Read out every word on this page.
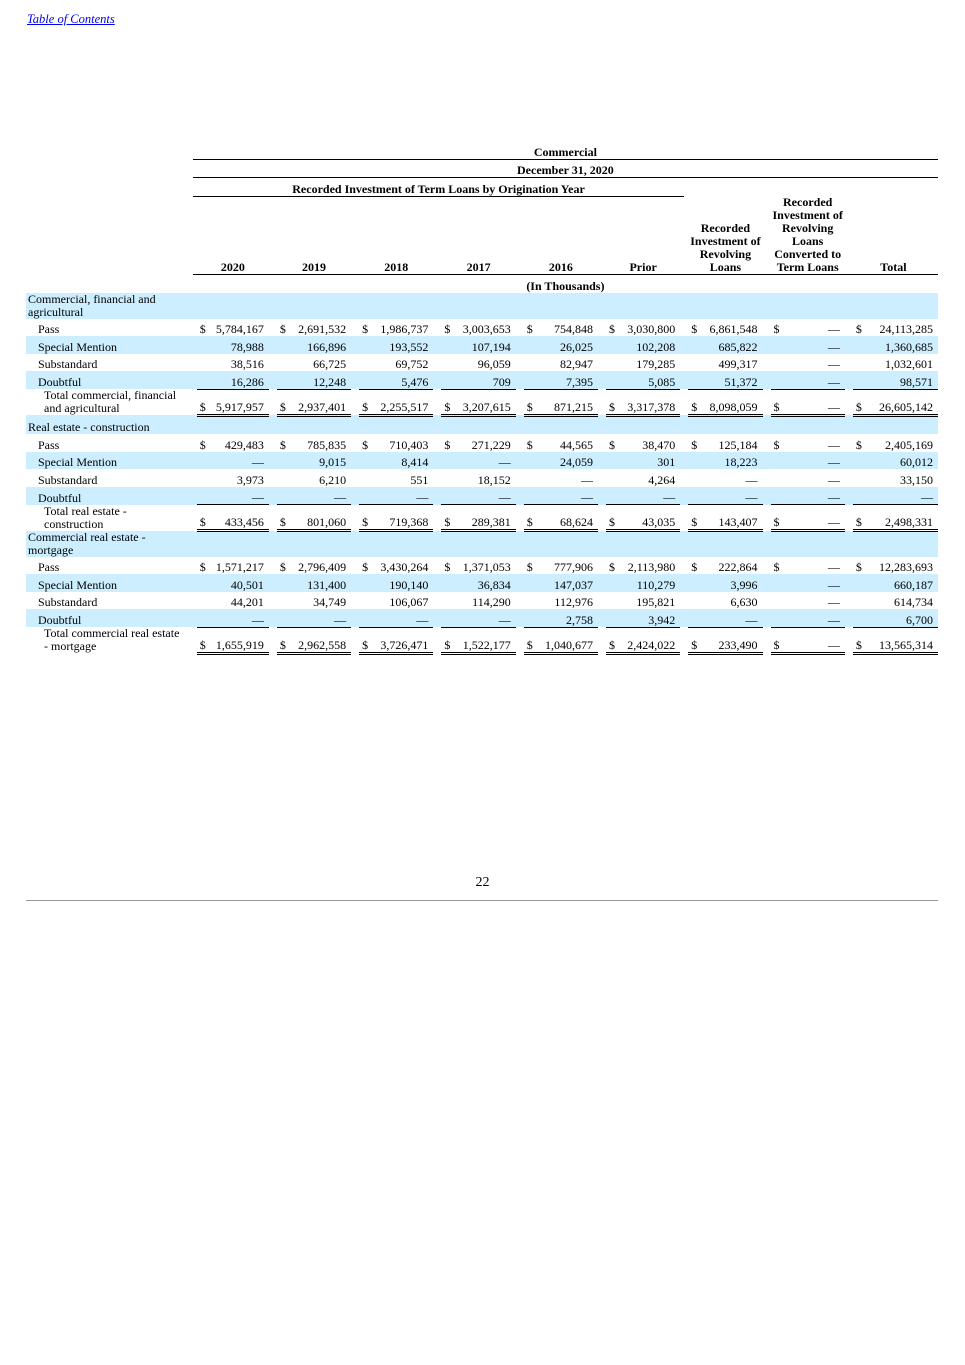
Table of Contents
		Commercial																	
		December 31, 2020																	
		Recorded Investment of Term Loans by Origination Year																	
		2020		2019		2018		2017		2016		Prior		Recorded Investment of Revolving Loans		Recorded Investment of Revolving Loans Converted to Term Loans		Total	
		(In Thousands)																	
Commercial, financial and agricultural																			
Pass		$	5,784,167	$	2,691,532	$	1,986,737	$	3,003,653	$	754,848	$	3,030,800	$	6,861,548	$	—	$	24,113,285
Special Mention			78,988		166,896		193,552		107,194		26,025		102,208		685,822		—		1,360,685
Substandard			38,516		66,725		69,752		96,059		82,947		179,285		499,317		—		1,032,601
Doubtful			16,286		12,248		5,476		709		7,395		5,085		51,372		—		98,571
Total commercial, financial and agricultural		$	5,917,957	$	2,937,401	$	2,255,517	$	3,207,615	$	871,215	$	3,317,378	$	8,098,059	$	—	$	26,605,142
Real estate - construction																			
Pass		$	429,483	$	785,835	$	710,403	$	271,229	$	44,565	$	38,470	$	125,184	$	—	$	2,405,169
Special Mention			—		9,015		8,414		—		24,059		301		18,223		—		60,012
Substandard			3,973		6,210		551		18,152		—		4,264		—		—		33,150
Doubtful			—		—		—		—		—		—		—		—		—
Total real estate - construction		$	433,456	$	801,060	$	719,368	$	289,381	$	68,624	$	43,035	$	143,407	$	—	$	2,498,331
Commercial real estate - mortgage																			
Pass		$	1,571,217	$	2,796,409	$	3,430,264	$	1,371,053	$	777,906	$	2,113,980	$	222,864	$	—	$	12,283,693
Special Mention			40,501		131,400		190,140		36,834		147,037		110,279		3,996		—		660,187
Substandard			44,201		34,749		106,067		114,290		112,976		195,821		6,630		—		614,734
Doubtful			—		—		—		—		2,758		3,942		—		—		6,700
Total commercial real estate - mortgage		$	1,655,919	$	2,962,558	$	3,726,471	$	1,522,177	$	1,040,677	$	2,424,022	$	233,490	$	—	$	13,565,314
22
